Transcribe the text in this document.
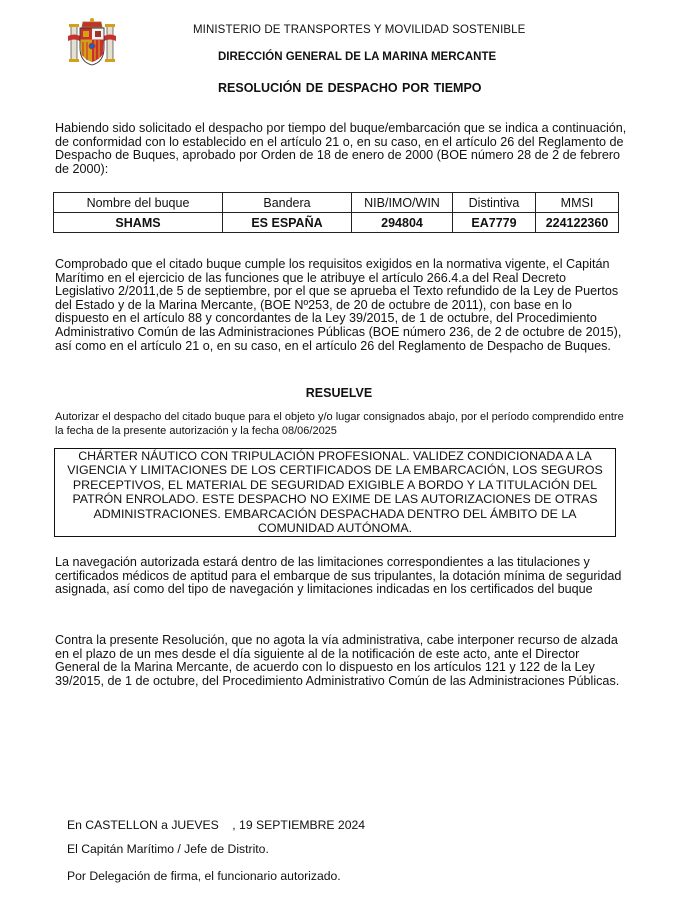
MINISTERIO DE TRANSPORTES Y MOVILIDAD SOSTENIBLE
DIRECCIÓN GENERAL DE LA MARINA MERCANTE
RESOLUCIÓN DE DESPACHO POR TIEMPO

Habiendo sido solicitado el despacho por tiempo del buque/embarcación que se indica a continuación, de conformidad con lo establecido en el artículo 21 o, en su caso, en el artículo 26 del Reglamento de Despacho de Buques, aprobado por Orden de 18 de enero de 2000 (BOE número 28 de 2 de febrero de 2000):

Nombre del buque	Bandera	NIB/IMO/WIN	Distintiva	MMSI
SHAMS	ES ESPAÑA	294804	EA7779	224122360

Comprobado que el citado buque cumple los requisitos exigidos en la normativa vigente, el Capitán Marítimo en el ejercicio de las funciones que le atribuye el artículo 266.4.a del Real Decreto Legislativo 2/2011,de 5 de septiembre, por el que se aprueba el Texto refundido de la Ley de Puertos del Estado y de la Marina Mercante, (BOE Nº253, de 20 de octubre de 2011), con base en lo dispuesto en el artículo 88 y concordantes de la Ley 39/2015, de 1 de octubre, del Procedimiento Administrativo Común de las Administraciones Públicas (BOE número 236, de 2 de octubre de 2015), así como en el artículo 21 o, en su caso, en el artículo 26 del Reglamento de Despacho de Buques.

RESUELVE

Autorizar el despacho del citado buque para el objeto y/o lugar consignados abajo, por el período comprendido entre la fecha de la presente autorización y la fecha 08/06/2025

CHÁRTER NÁUTICO CON TRIPULACIÓN PROFESIONAL. VALIDEZ CONDICIONADA A LA VIGENCIA Y LIMITACIONES DE LOS CERTIFICADOS DE LA EMBARCACIÓN, LOS SEGUROS PRECEPTIVOS, EL MATERIAL DE SEGURIDAD EXIGIBLE A BORDO Y LA TITULACIÓN DEL PATRÓN ENROLADO. ESTE DESPACHO NO EXIME DE LAS AUTORIZACIONES DE OTRAS ADMINISTRACIONES. EMBARCACIÓN DESPACHADA DENTRO DEL ÁMBITO DE LA COMUNIDAD AUTÓNOMA.

La navegación autorizada estará dentro de las limitaciones correspondientes a las titulaciones y certificados médicos de aptitud para el embarque de sus tripulantes, la dotación mínima de seguridad asignada, así como del tipo de navegación y limitaciones indicadas en los certificados del buque

Contra la presente Resolución, que no agota la vía administrativa, cabe interponer recurso de alzada en el plazo de un mes desde el día siguiente al de la notificación de este acto, ante el Director General de la Marina Mercante, de acuerdo con lo dispuesto en los artículos 121 y 122 de la Ley 39/2015, de 1 de octubre, del Procedimiento Administrativo Común de las Administraciones Públicas.

En CASTELLON a JUEVES    , 19 SEPTIEMBRE 2024

El Capitán Marítimo / Jefe de Distrito.

Por Delegación de firma, el funcionario autorizado.
